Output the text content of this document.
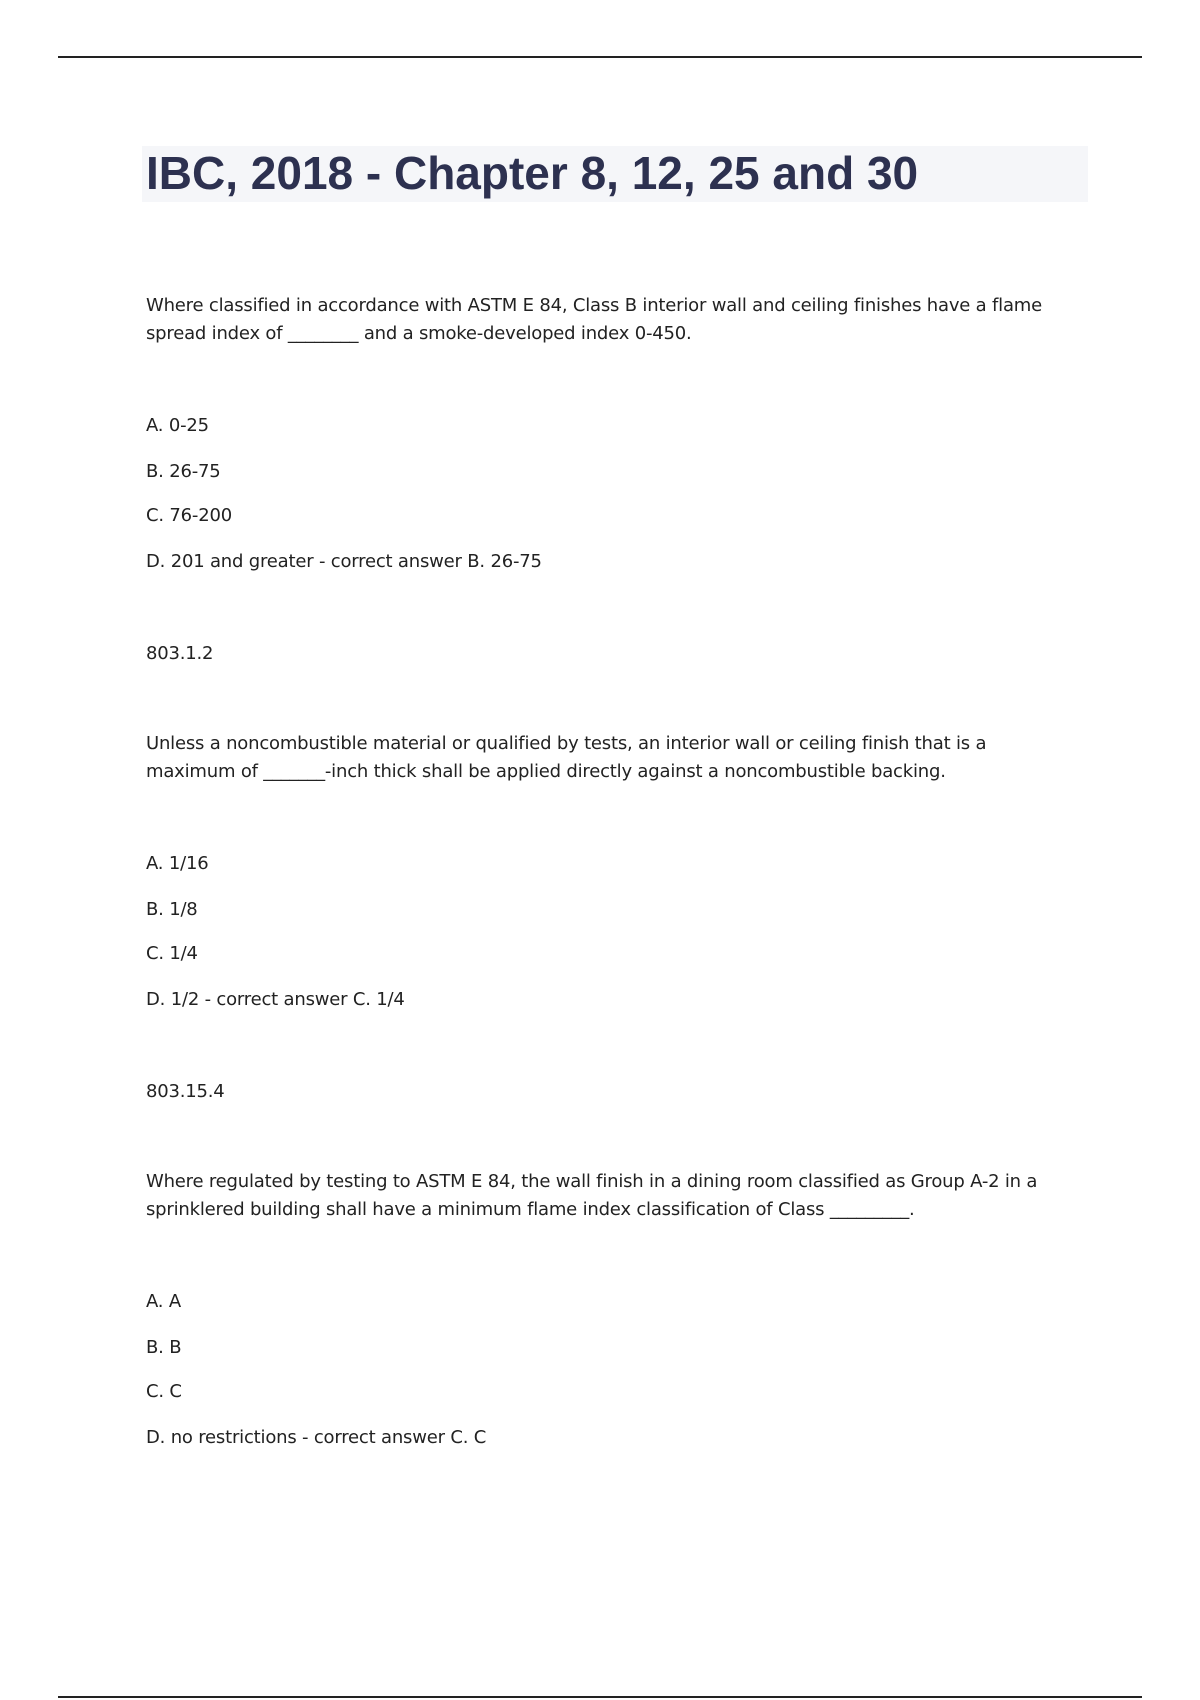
IBC, 2018 - Chapter 8, 12, 25 and 30

Where classified in accordance with ASTM E 84, Class B interior wall and ceiling finishes have a flame spread index of ________ and a smoke-developed index 0-450.

A. 0-25

B. 26-75

C. 76-200

D. 201 and greater - correct answer B. 26-75

803.1.2

Unless a noncombustible material or qualified by tests, an interior wall or ceiling finish that is a maximum of _______-inch thick shall be applied directly against a noncombustible backing.

A. 1/16

B. 1/8

C. 1/4

D. 1/2 - correct answer C. 1/4

803.15.4

Where regulated by testing to ASTM E 84, the wall finish in a dining room classified as Group A-2 in a sprinklered building shall have a minimum flame index classification of Class _________.

A. A

B. B

C. C

D. no restrictions - correct answer C. C
